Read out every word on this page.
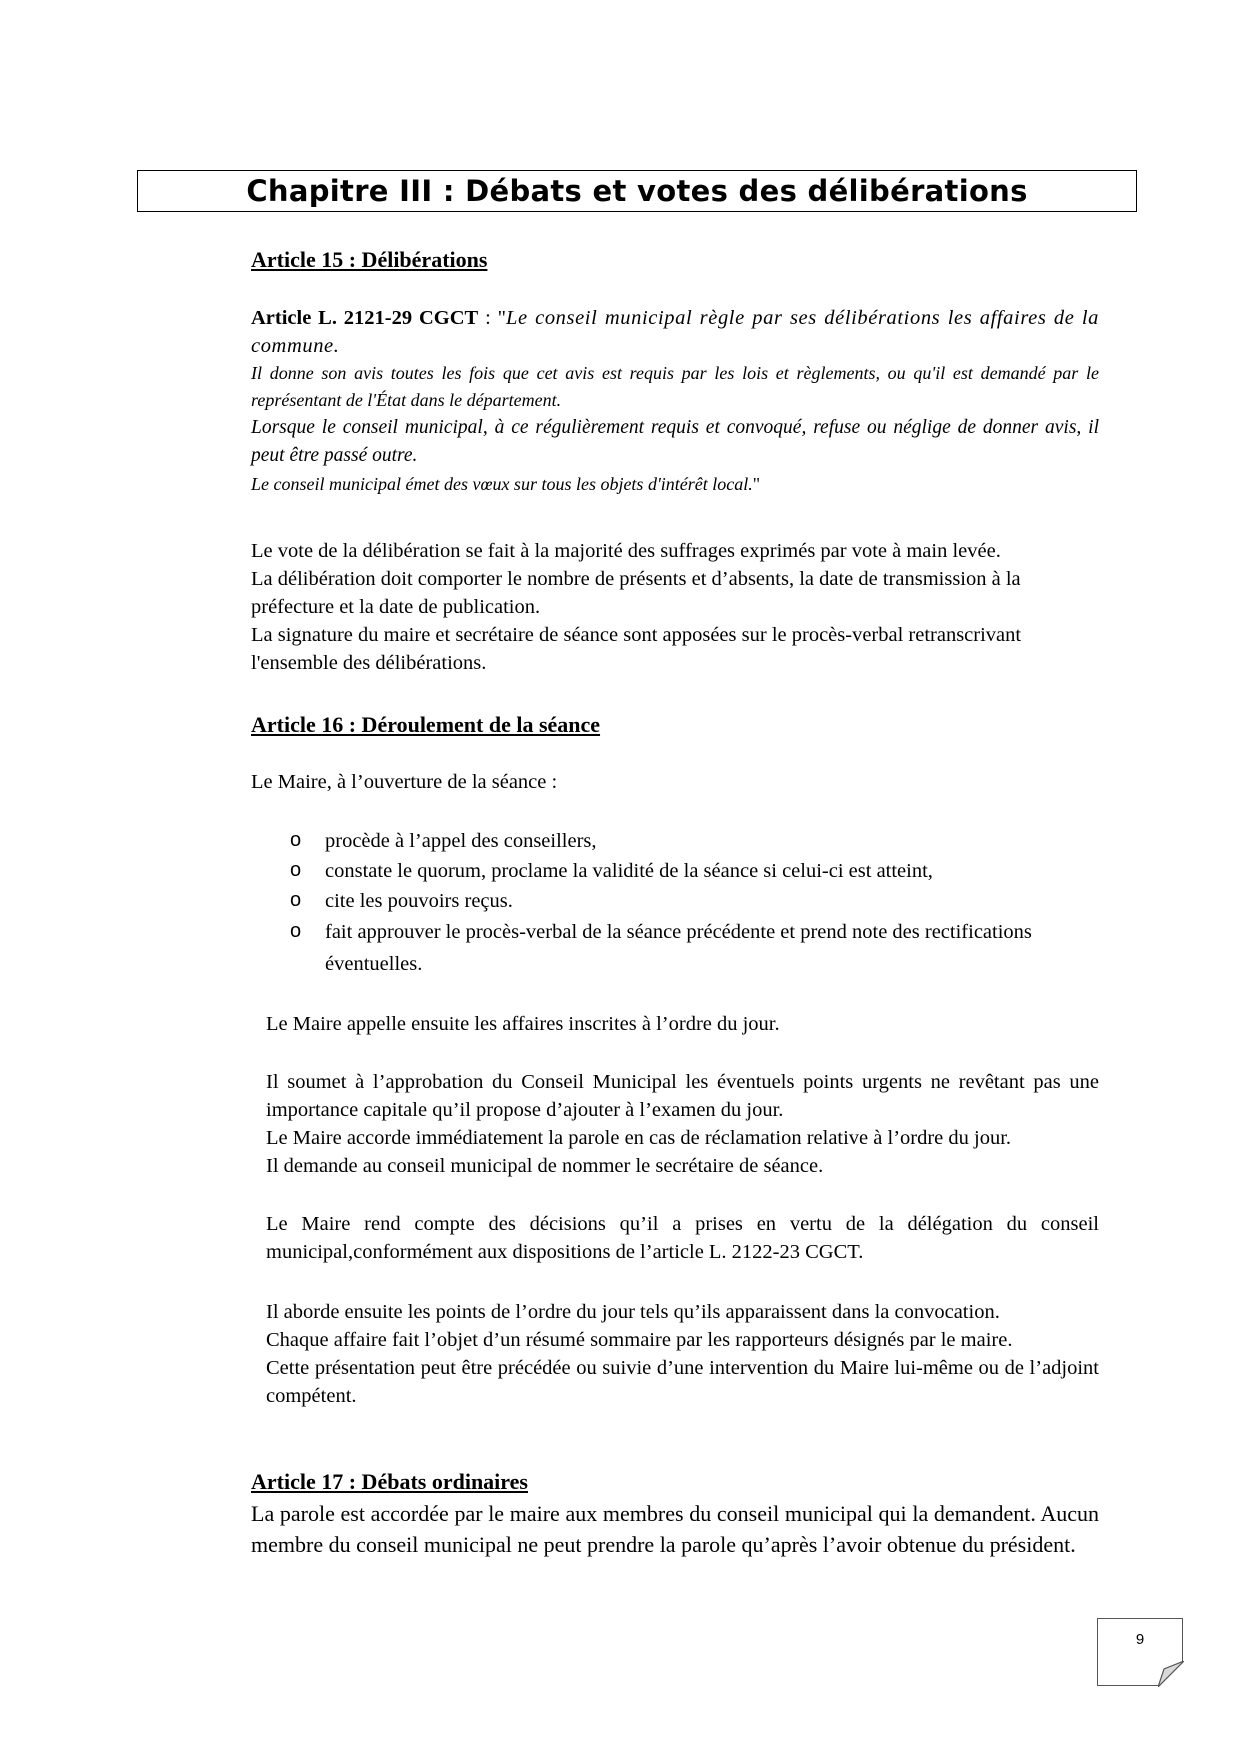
Chapitre III : Débats et votes des délibérations
Article 15 : Délibérations

Article L. 2121-29 CGCT : "Le conseil municipal règle par ses délibérations les affaires de la commune.

Il donne son avis toutes les fois que cet avis est requis par les lois et règlements, ou qu'il est demandé par le représentant de l'État dans le département.

Lorsque le conseil municipal, à ce régulièrement requis et convoqué, refuse ou néglige de donner avis, il peut être passé outre.

Le conseil municipal émet des vœux sur tous les objets d'intérêt local."

Le vote de la délibération se fait à la majorité des suffrages exprimés par vote à main levée.

La délibération doit comporter le nombre de présents et d’absents, la date de transmission à la préfecture et la date de publication.

La signature du maire et secrétaire de séance sont apposées sur le procès-verbal retranscrivant l'ensemble des délibérations.

Article 16 : Déroulement de la séance
Le Maire, à l’ouverture de la séance :
o procède à l’appel des conseillers,
o constate le quorum, proclame la validité de la séance si celui-ci est atteint,
o cite les pouvoirs reçus.
o fait approuver le procès-verbal de la séance précédente et prend note des rectifications éventuelles.
Le Maire appelle ensuite les affaires inscrites à l’ordre du jour.

Il soumet à l’approbation du Conseil Municipal les éventuels points urgents ne revêtant pas une importance capitale qu’il propose d’ajouter à l’examen du jour.

Le Maire accorde immédiatement la parole en cas de réclamation relative à l’ordre du jour.

Il demande au conseil municipal de nommer le secrétaire de séance.

Le Maire rend compte des décisions qu’il a prises en vertu de la délégation du conseil municipal,conformément aux dispositions de l’article L. 2122-23 CGCT.

Il aborde ensuite les points de l’ordre du jour tels qu’ils apparaissent dans la convocation.

Chaque affaire fait l’objet d’un résumé sommaire par les rapporteurs désignés par le maire.

Cette présentation peut être précédée ou suivie d’une intervention du Maire lui-même ou de l’adjoint compétent.

Article 17 : Débats ordinaires
La parole est accordée par le maire aux membres du conseil municipal qui la demandent. Aucun membre du conseil municipal ne peut prendre la parole qu’après l’avoir obtenue du président.
9
